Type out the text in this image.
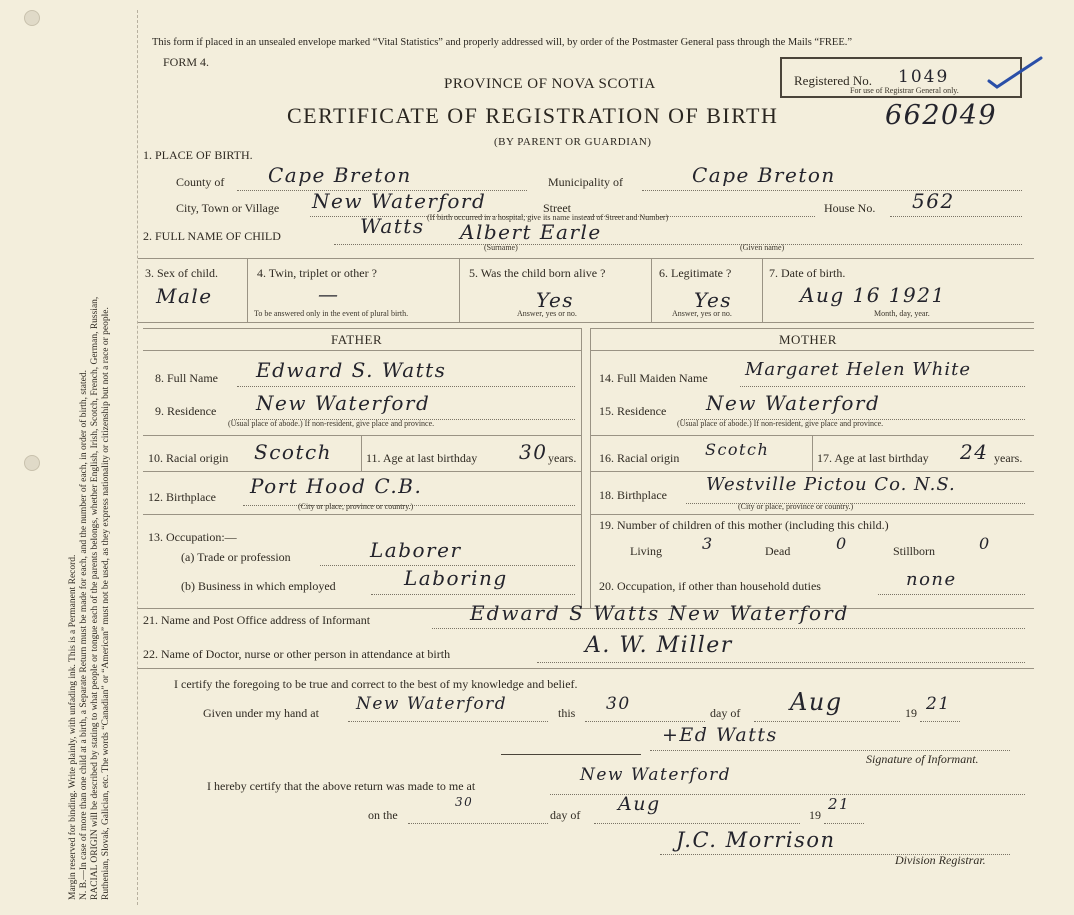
Margin reserved for binding. Write plainly, with unfading ink. This is a Permanent Record. N. B.—In case of more than one child at a birth, a Separate Return must be made for each, and the number of each, in order of birth, stated. RACIAL ORIGIN will be described by stating to what people or tongue each of the parents belongs, whether English, Irish, Scotch, French, German, Russian, Ruthenian, Slovak, Galician, etc. The words “Canadian” or “American” must not be used, as they express nationality or citizenship but not a race or people.
This form if placed in an unsealed envelope marked “Vital Statistics” and properly addressed will, by order of the Postmaster General pass through the Mails “FREE.”
FORM 4.
PROVINCE OF NOVA SCOTIA
CERTIFICATE OF REGISTRATION OF BIRTH	662049
(BY PARENT OR GUARDIAN)
Registered No. 1049
For use of Registrar General only.
1. PLACE OF BIRTH.
County of Cape Breton	Municipality of	Cape Breton
City, Town or Village New Waterford	Street
(If birth occurred in a hospital, give its name instead of Street and Number)
House No. 562
2. FULL NAME OF CHILD	Watts Albert Earle
(Surname)	(Given name)
3. Sex of child.
Male
4. Twin, triplet or other ?
—
To be answered only in the event of plural birth.
5. Was the child born alive ?
Yes
Answer, yes or no.
6. Legitimate ?
Yes
Answer, yes or no.
7. Date of birth.
Aug 16 1921
Month, day, year.
FATHER
8. Full Name Edward S. Watts
9. Residence New Waterford
(Usual place of abode.) If non-resident, give place and province.
10. Racial origin Scotch	11. Age at last birthday 30 years.
12. Birthplace Port Hood C.B.
(City or place, province or country.)
13. Occupation:—
(a) Trade or profession	Laborer
(b) Business in which employed	Laboring
MOTHER
14. Full Maiden Name Margaret Helen White
15. Residence New Waterford
(Usual place of abode.) If non-resident, give place and province.
16. Racial origin Scotch	17. Age at last birthday 24 years.
18. Birthplace Westville Pictou Co. N.S.
(City or place, province or country.)
19. Number of children of this mother (including this child.)
Living	3	Dead	0	Stillborn	0
20. Occupation, if other than household duties	none
21. Name and Post Office address of Informant	Edward S Watts New Waterford
22. Name of Doctor, nurse or other person in attendance at birth	A. W. Miller
I certify the foregoing to be true and correct to the best of my knowledge and belief.
Given under my hand at New Waterford	this 30	day of Aug	19 21
+Ed Watts
Signature of Informant.
I hereby certify that the above return was made to me at
New Waterford
on the
30
day of Aug	19
21
J.C. Morrison
Division Registrar.
